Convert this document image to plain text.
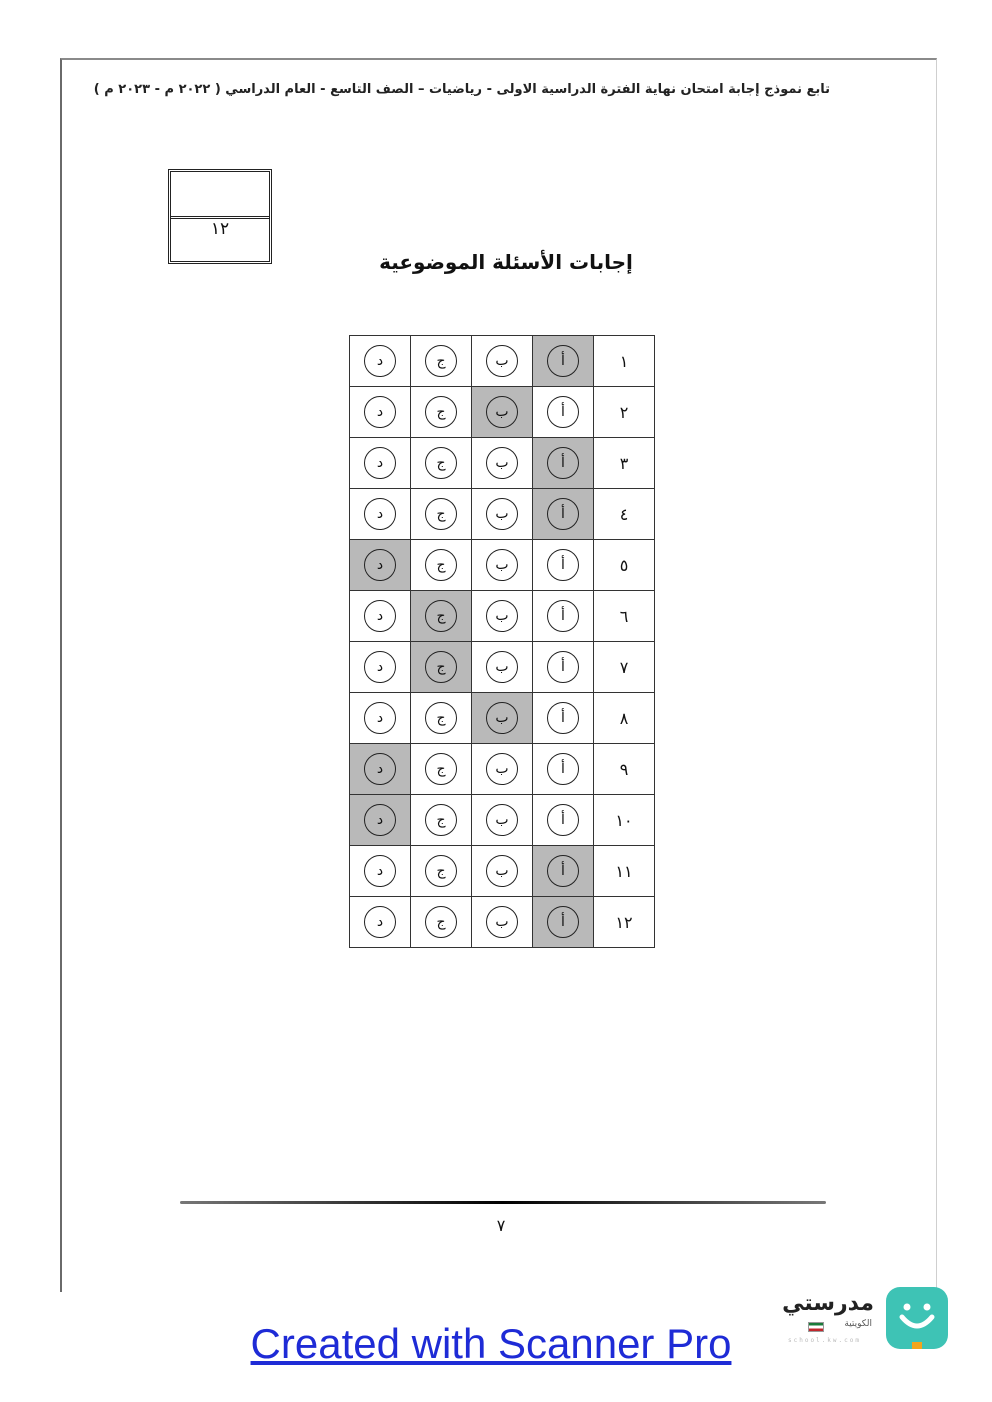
تابع نموذج إجابة امتحان نهاية الفترة الدراسية الاولى - رياضيات – الصف التاسع - العام الدراسي ( ٢٠٢٢ م - ٢٠٢٣ م )
١٢
إجابات الأسئلة الموضوعية
د	ج	ب	أ	١
د	ج	ب	أ	٢
د	ج	ب	أ	٣
د	ج	ب	أ	٤
د	ج	ب	أ	٥
د	ج	ب	أ	٦
د	ج	ب	أ	٧
د	ج	ب	أ	٨
د	ج	ب	أ	٩
د	ج	ب	أ	١٠
د	ج	ب	أ	١١
د	ج	ب	أ	١٢
٧
Created with Scanner Pro
مدرستي
الكويتية
school.kw.com
